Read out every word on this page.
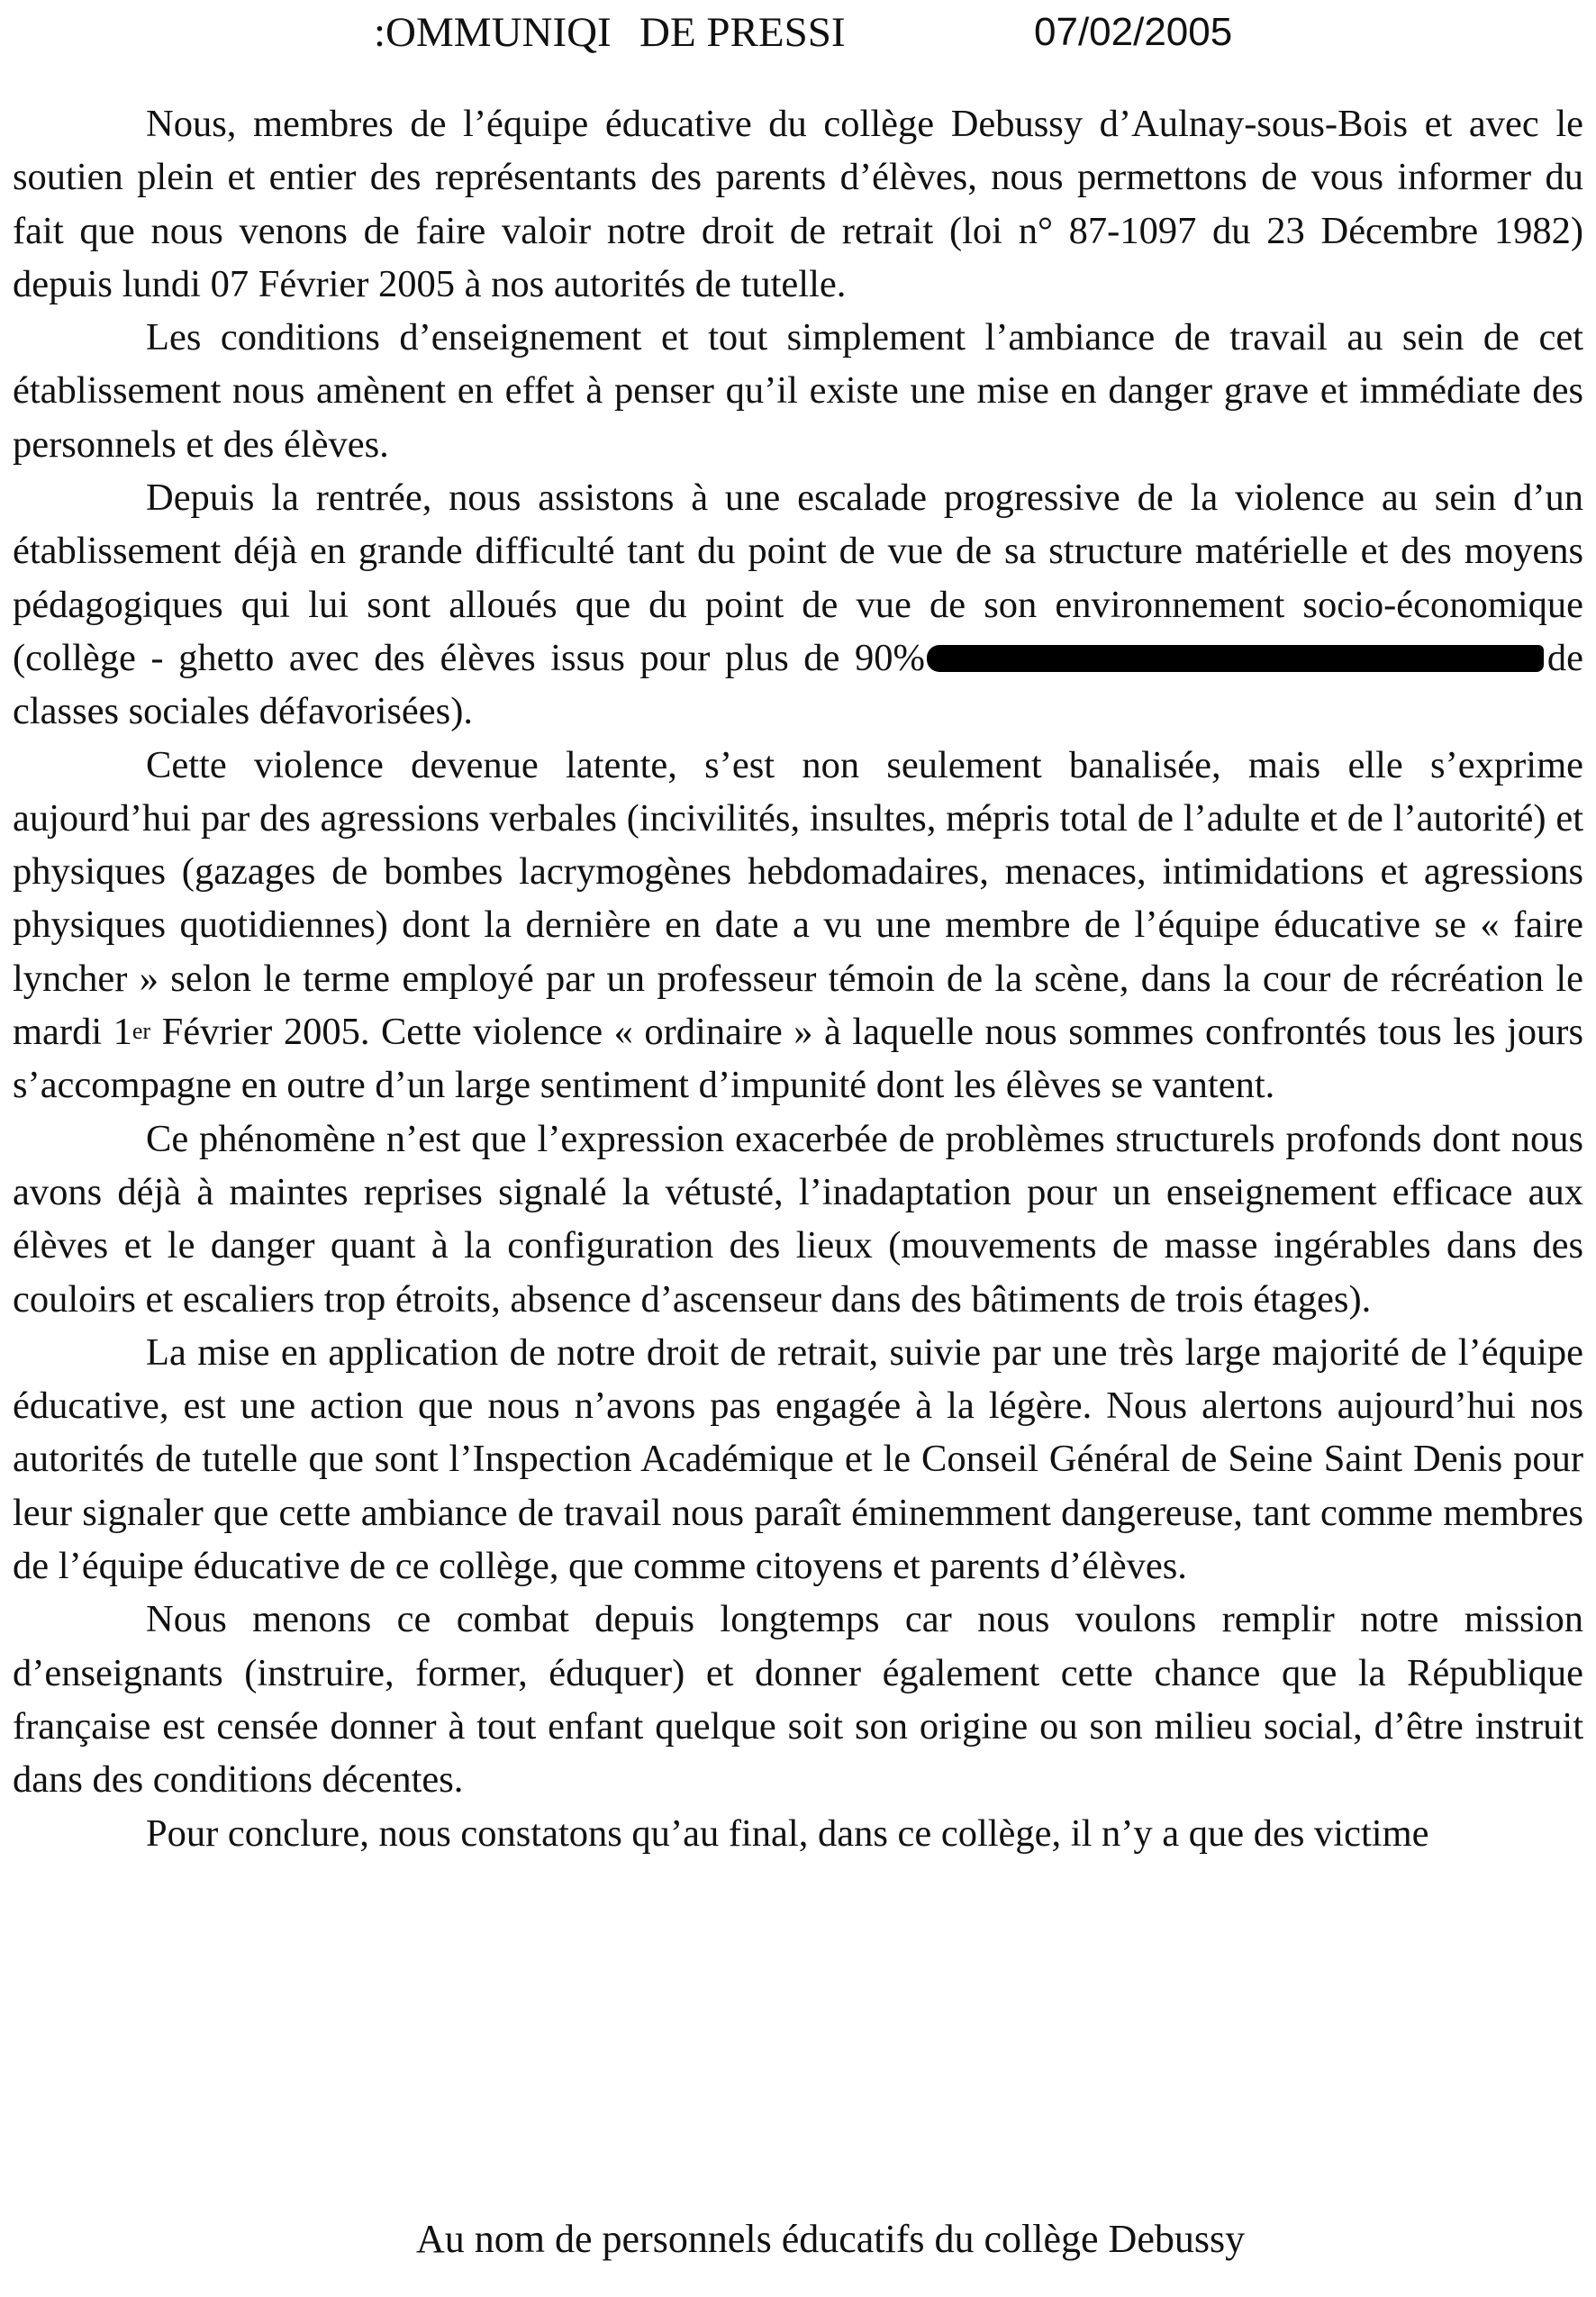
:OMMUNIQI DE PRESSI	07/02/2005

Nous, membres de l’équipe éducative du collège Debussy d’Aulnay-sous-Bois et avec le soutien plein et entier des représentants des parents d’élèves, nous permettons de vous informer du fait que nous venons de faire valoir notre droit de retrait (loi n° 87-1097 du 23 Décembre 1982) depuis lundi 07 Février 2005 à nos autorités de tutelle.

Les conditions d’enseignement et tout simplement l’ambiance de travail au sein de cet établissement nous amènent en effet à penser qu’il existe une mise en danger grave et immédiate des personnels et des élèves.

Depuis la rentrée, nous assistons à une escalade progressive de la violence au sein d’un établissement déjà en grande difficulté tant du point de vue de sa structure matérielle et des moyens pédagogiques qui lui sont alloués que du point de vue de son environnement socio-économique (collège - ghetto avec des élèves issus pour plus de 90%	de classes sociales défavorisées).

Cette violence devenue latente, s’est non seulement banalisée, mais elle s’exprime aujourd’hui par des agressions verbales (incivilités, insultes, mépris total de l’adulte et de l’autorité) et physiques (gazages de bombes lacrymogènes hebdomadaires, menaces, intimidations et agressions physiques quotidiennes) dont la dernière en date a vu une membre de l’équipe éducative se « faire lyncher » selon le terme employé par un professeur témoin de la scène, dans la cour de récréation le mardi 1er Février 2005. Cette violence « ordinaire » à laquelle nous sommes confrontés tous les jours s’accompagne en outre d’un large sentiment d’impunité dont les élèves se vantent.

Ce phénomène n’est que l’expression exacerbée de problèmes structurels profonds dont nous avons déjà à maintes reprises signalé la vétusté, l’inadaptation pour un enseignement efficace aux élèves et le danger quant à la configuration des lieux (mouvements de masse ingérables dans des couloirs et escaliers trop étroits, absence d’ascenseur dans des bâtiments de trois étages).

La mise en application de notre droit de retrait, suivie par une très large majorité de l’équipe éducative, est une action que nous n’avons pas engagée à la légère. Nous alertons aujourd’hui nos autorités de tutelle que sont l’Inspection Académique et le Conseil Général de Seine Saint Denis pour leur signaler que cette ambiance de travail nous paraît éminemment dangereuse, tant comme membres de l’équipe éducative de ce collège, que comme citoyens et parents d’élèves.

Nous menons ce combat depuis longtemps car nous voulons remplir notre mission d’enseignants (instruire, former, éduquer) et donner également cette chance que la République française est censée donner à tout enfant quelque soit son origine ou son milieu social, d’être instruit dans des conditions décentes.

Pour conclure, nous constatons qu’au final, dans ce collège, il n’y a que des victime

Au nom de personnels éducatifs du collège Debussy
